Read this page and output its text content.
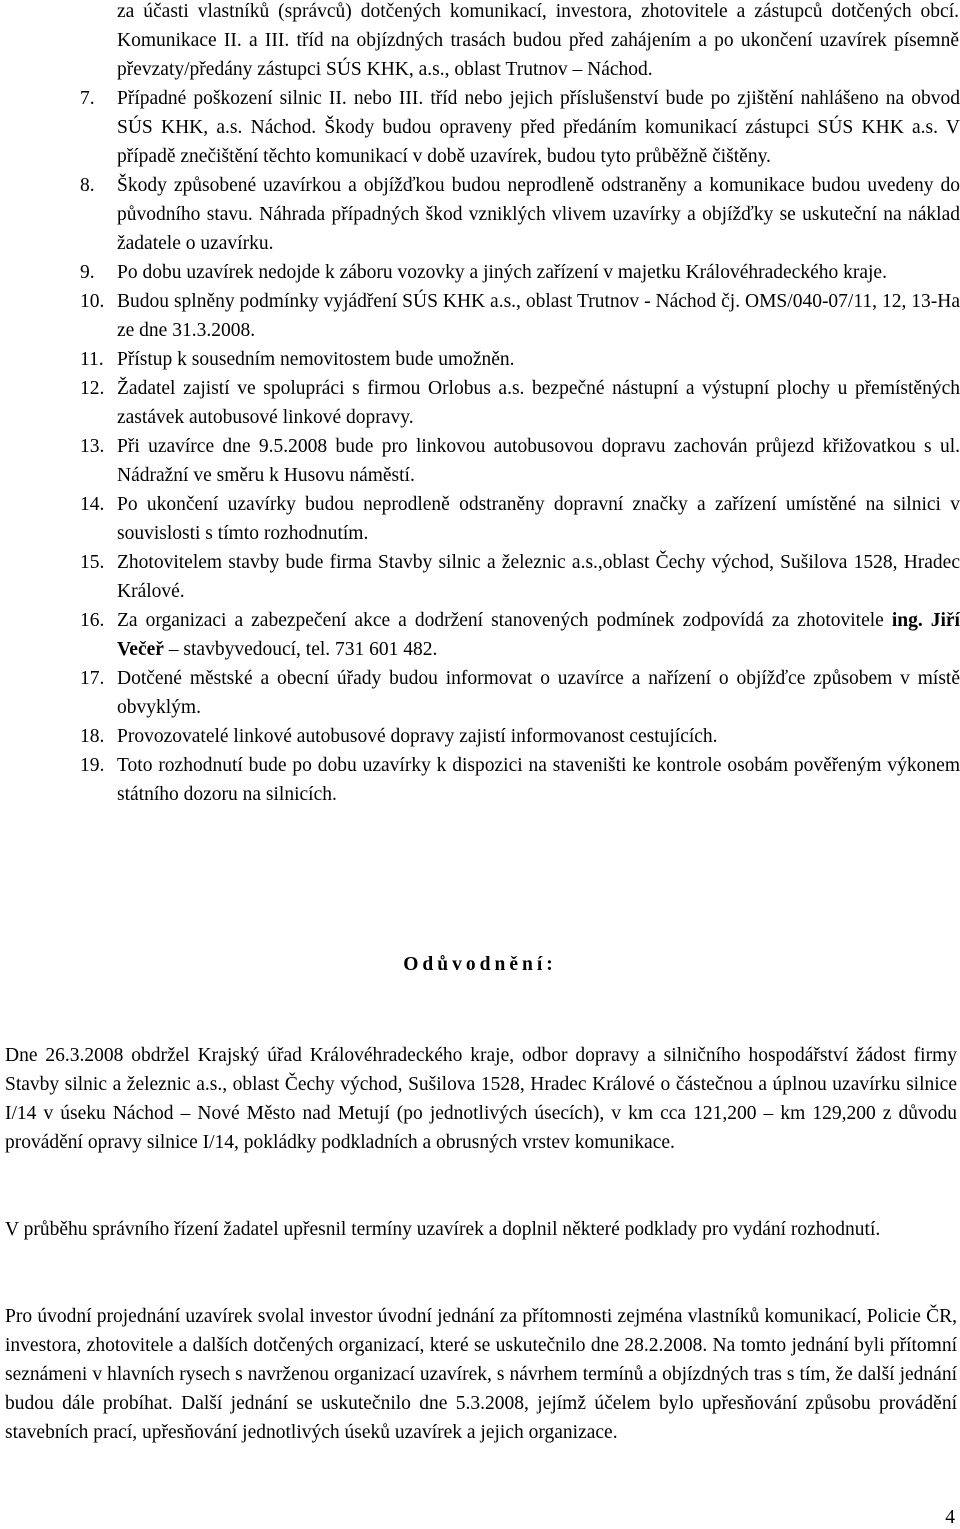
za účasti vlastníků (správců) dotčených komunikací, investora, zhotovitele a zástupců dotčených obcí. Komunikace II. a III. tříd na objízdných trasách budou před zahájením a po ukončení uzavírek písemně převzaty/předány zástupci SÚS KHK, a.s., oblast Trutnov – Náchod.

7.	Případné poškození silnic II. nebo III. tříd nebo jejich příslušenství bude po zjištění nahlášeno na obvod SÚS KHK, a.s. Náchod. Škody budou opraveny před předáním komunikací zástupci SÚS KHK a.s. V případě znečištění těchto komunikací v době uzavírek, budou tyto průběžně čištěny.
8.	Škody způsobené uzavírkou a objížďkou budou neprodleně odstraněny a komunikace budou uvedeny do původního stavu. Náhrada případných škod vzniklých vlivem uzavírky a objížďky se uskuteční na náklad žadatele o uzavírku.
9.	Po dobu uzavírek nedojde k záboru vozovky a jiných zařízení v majetku Královéhradeckého kraje.
10. Budou splněny podmínky vyjádření SÚS KHK a.s., oblast Trutnov - Náchod čj. OMS/040-07/11, 12, 13-Ha ze dne 31.3.2008.
11. Přístup k sousedním nemovitostem bude umožněn.
12. Žadatel zajistí ve spolupráci s firmou Orlobus a.s. bezpečné nástupní a výstupní plochy u přemístěných zastávek autobusové linkové dopravy.
13. Při uzavírce dne 9.5.2008 bude pro linkovou autobusovou dopravu zachován průjezd křižovatkou s ul. Nádražní ve směru k Husovu náměstí.
14. Po ukončení uzavírky budou neprodleně odstraněny dopravní značky a zařízení umístěné na silnici v souvislosti s tímto rozhodnutím.
15. Zhotovitelem stavby bude firma Stavby silnic a železnic a.s.,oblast Čechy východ, Sušilova 1528, Hradec Králové.
16. Za organizaci a zabezpečení akce a dodržení stanovených podmínek zodpovídá za zhotovitele ing. Jiří Večeř – stavbyvedoucí, tel. 731 601 482.
17. Dotčené městské a obecní úřady budou informovat o uzavírce a nařízení o objížďce způsobem v místě obvyklým.
18. Provozovatelé linkové autobusové dopravy zajistí informovanost cestujících.
19. Toto rozhodnutí bude po dobu uzavírky k dispozici na staveništi ke kontrole osobám pověřeným výkonem státního dozoru na silnicích.
Odůvodnění:

Dne 26.3.2008 obdržel Krajský úřad Královéhradeckého kraje, odbor dopravy a silničního hospodářství žádost firmy Stavby silnic a železnic a.s., oblast Čechy východ, Sušilova 1528, Hradec Králové o částečnou a úplnou uzavírku silnice I/14 v úseku Náchod – Nové Město nad Metují (po jednotlivých úsecích), v km cca 121,200 – km 129,200 z důvodu provádění opravy silnice I/14, pokládky podkladních a obrusných vrstev komunikace.

V průběhu správního řízení žadatel upřesnil termíny uzavírek a doplnil některé podklady pro vydání rozhodnutí.

Pro úvodní projednání uzavírek svolal investor úvodní jednání za přítomnosti zejména vlastníků komunikací, Policie ČR, investora, zhotovitele a dalších dotčených organizací, které se uskutečnilo dne 28.2.2008. Na tomto jednání byli přítomní seznámeni v hlavních rysech s navrženou organizací uzavírek, s návrhem termínů a objízdných tras s tím, že další jednání budou dále probíhat. Další jednání se uskutečnilo dne 5.3.2008, jejímž účelem bylo upřesňování způsobu provádění stavebních prací, upřesňování jednotlivých úseků uzavírek a jejich organizace.

4
